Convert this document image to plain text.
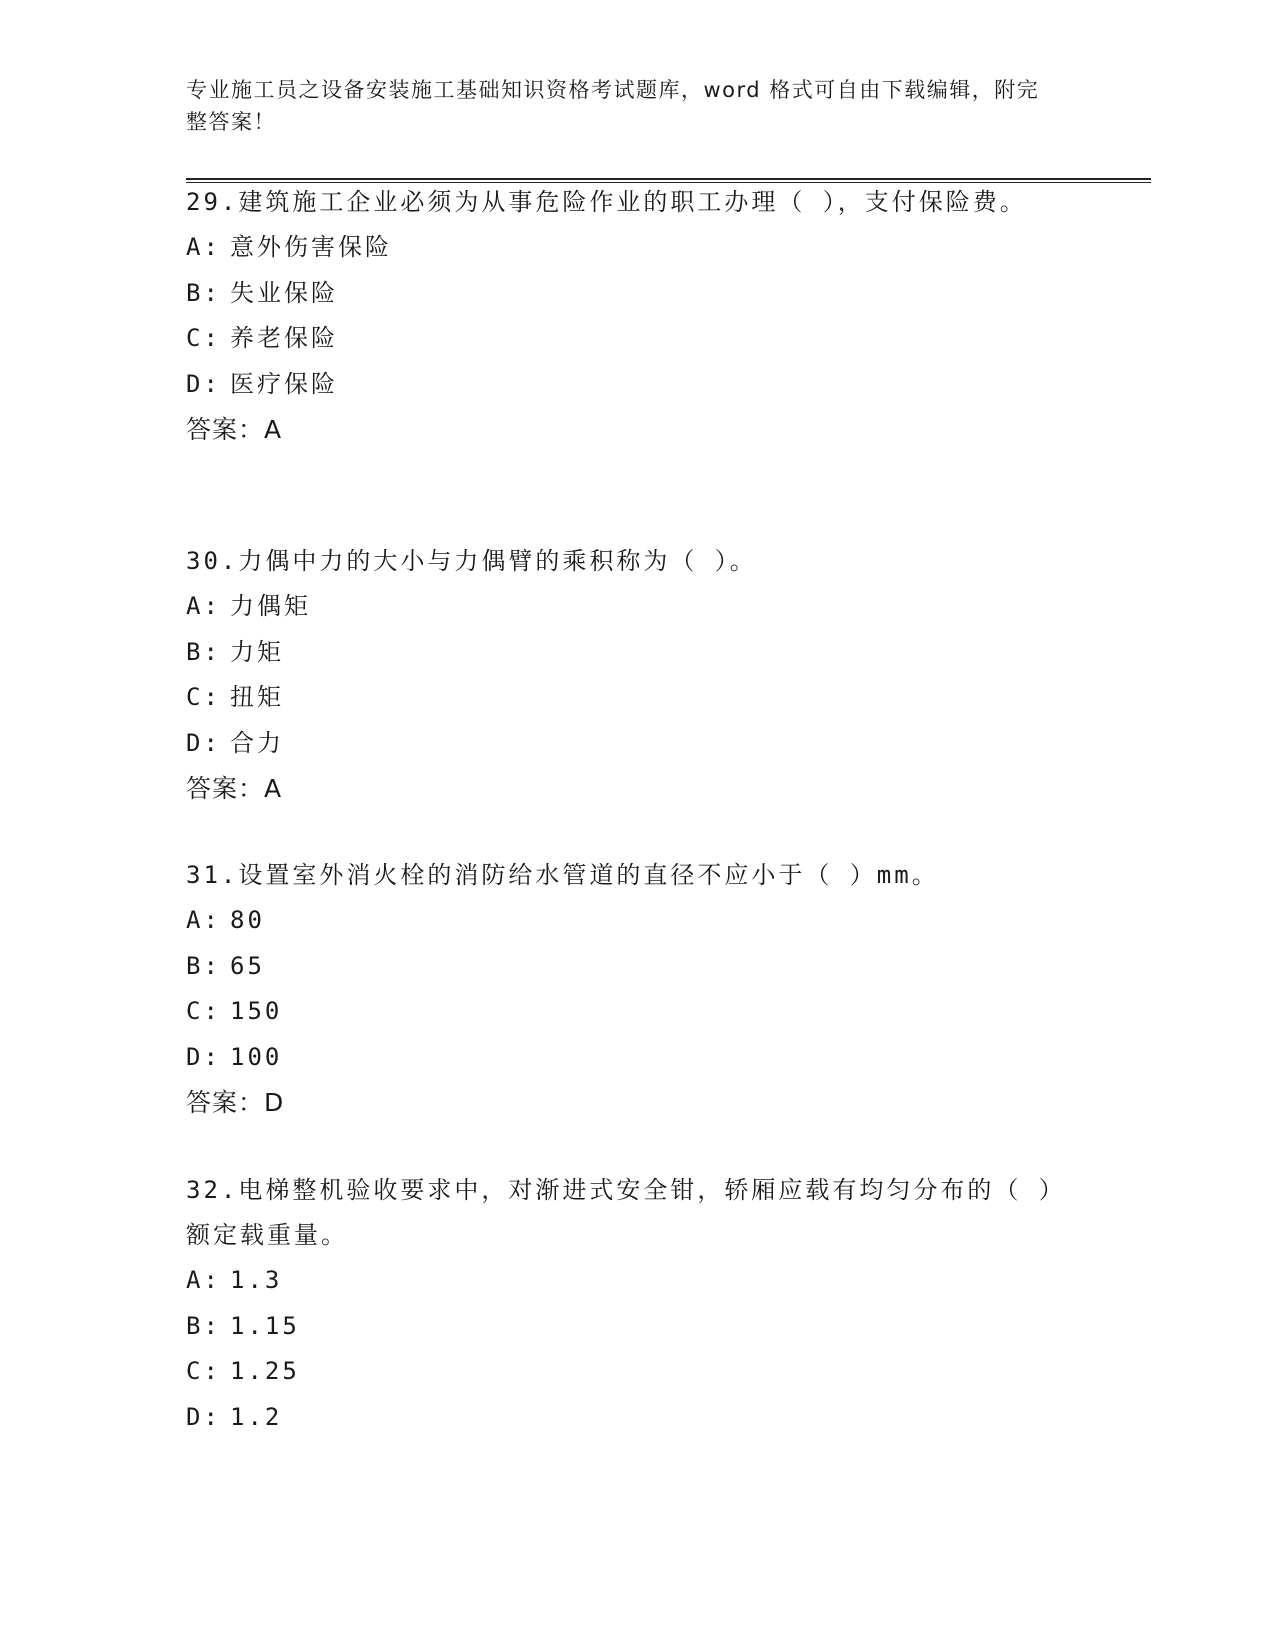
专业施工员之设备安装施工基础知识资格考试题库，word 格式可自由下载编辑，附完整答案！

29.建筑施工企业必须为从事危险作业的职工办理（ ），支付保险费。

A: 意外伤害保险

B: 失业保险

C: 养老保险

D: 医疗保险

答案：A

30.力偶中力的大小与力偶臂的乘积称为（ ）。

A: 力偶矩

B: 力矩

C: 扭矩

D: 合力

答案：A

31.设置室外消火栓的消防给水管道的直径不应小于（ ）mm。

A: 80

B: 65

C: 150

D: 100

答案：D

32.电梯整机验收要求中，对渐进式安全钳，轿厢应载有均匀分布的（ ）额定载重量。

A: 1.3

B: 1.15

C: 1.25

D: 1.2
